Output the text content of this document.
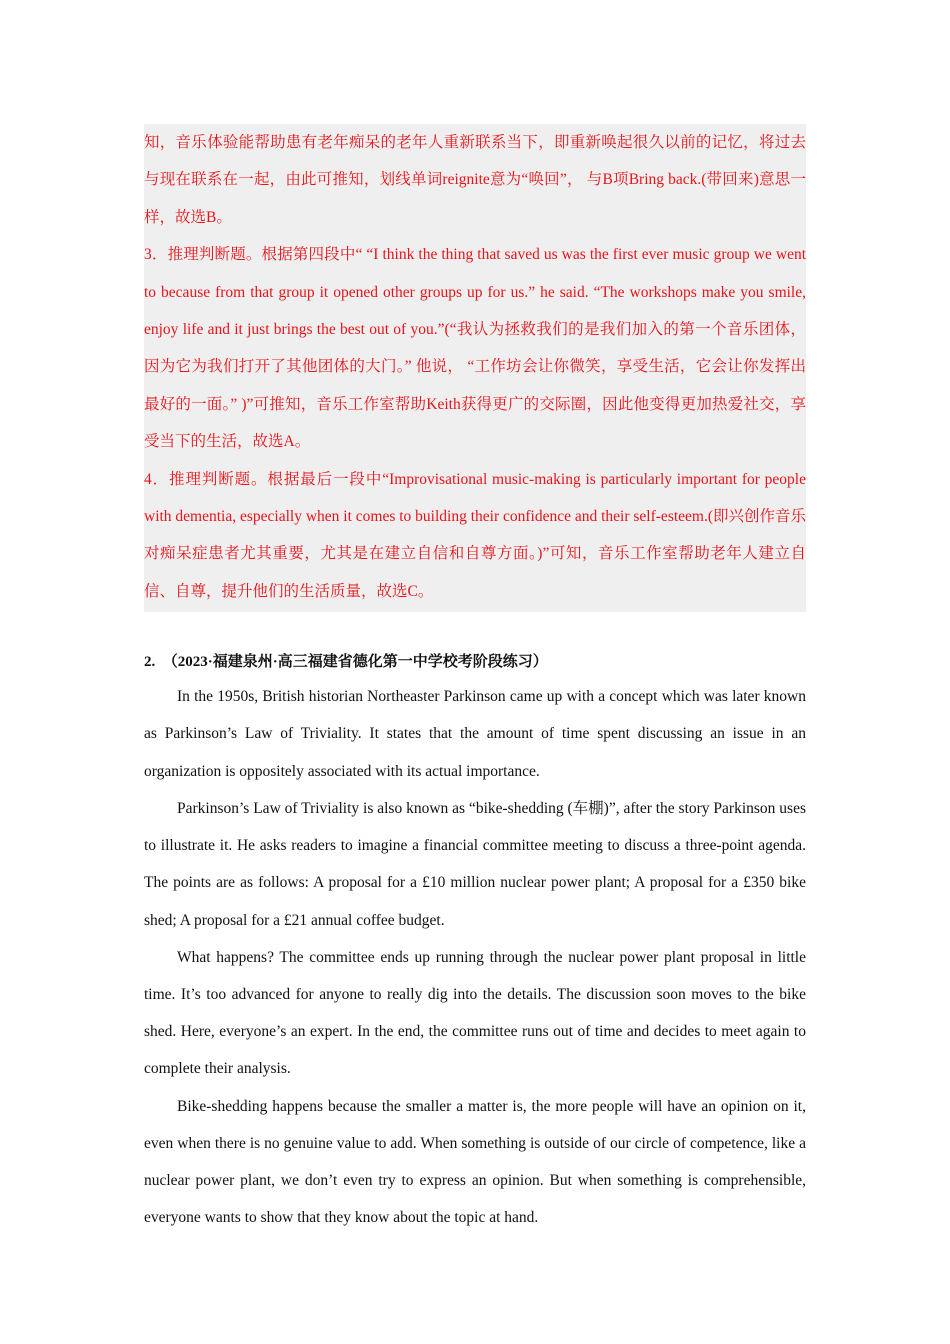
知，音乐体验能帮助患有老年痴呆的老年人重新联系当下，即重新唤起很久以前的记忆，将过去与现在联系在一起，由此可推知，划线单词reignite意为“唤回”， 与B项Bring back.(带回来)意思一样，故选B。

3．推理判断题。根据第四段中“ “I think the thing that saved us was the first ever music group we went to because from that group it opened other groups up for us.” he said. “The workshops make you smile, enjoy life and it just brings the best out of you.”(“我认为拯救我们的是我们加入的第一个音乐团体，因为它为我们打开了其他团体的大门。” 他说， “工作坊会让你微笑，享受生活，它会让你发挥出最好的一面。” )”可推知，音乐工作室帮助Keith获得更广的交际圈，因此他变得更加热爱社交，享受当下的生活，故选A。

4．推理判断题。根据最后一段中“Improvisational music-making is particularly important for people with dementia, especially when it comes to building their confidence and their self-esteem.(即兴创作音乐对痴呆症患者尤其重要，尤其是在建立自信和自尊方面。)”可知，音乐工作室帮助老年人建立自信、自尊，提升他们的生活质量，故选C。

2.　（2023·福建泉州·高三福建省德化第一中学校考阶段练习）

In the 1950s, British historian Northeaster Parkinson came up with a concept which was later known as Parkinson’s Law of Triviality. It states that the amount of time spent discussing an issue in an organization is oppositely associated with its actual importance.

Parkinson’s Law of Triviality is also known as “bike-shedding (车棚)”, after the story Parkinson uses to illustrate it. He asks readers to imagine a financial committee meeting to discuss a three-point agenda. The points are as follows: A proposal for a £10 million nuclear power plant; A proposal for a £350 bike shed; A proposal for a £21 annual coffee budget.

What happens? The committee ends up running through the nuclear power plant proposal in little time. It’s too advanced for anyone to really dig into the details. The discussion soon moves to the bike shed. Here, everyone’s an expert. In the end, the committee runs out of time and decides to meet again to complete their analysis.

Bike-shedding happens because the smaller a matter is, the more people will have an opinion on it, even when there is no genuine value to add. When something is outside of our circle of competence, like a nuclear power plant, we don’t even try to express an opinion. But when something is comprehensible, everyone wants to show that they know about the topic at hand.
